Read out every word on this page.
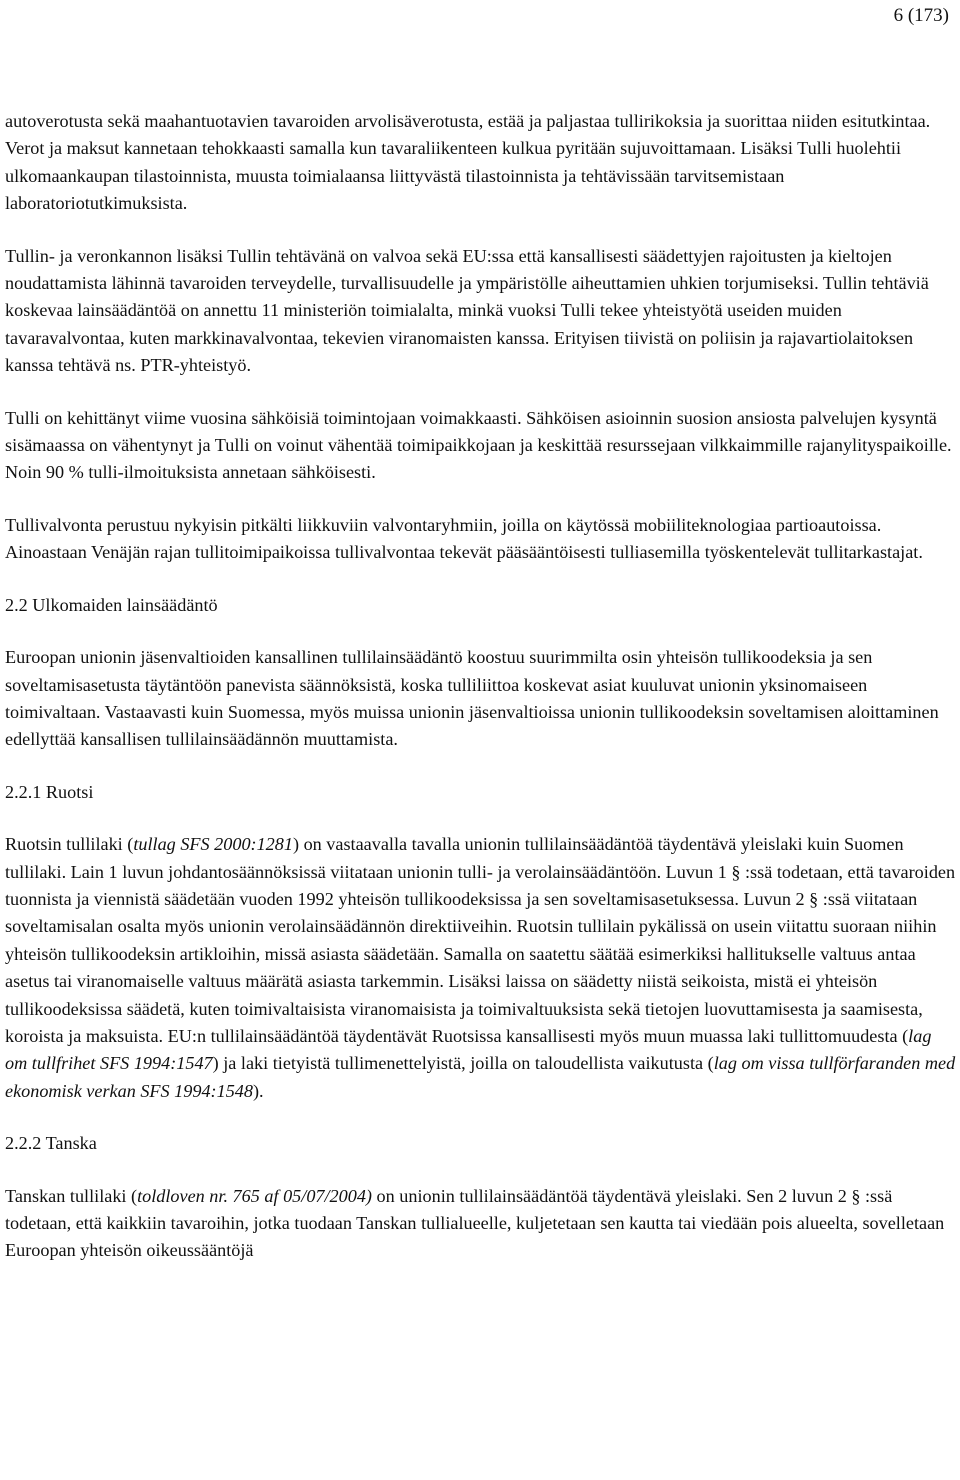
6 (173)

autoverotusta sekä maahantuotavien tavaroiden arvolisäverotusta, estää ja paljastaa tullirikoksia ja suorittaa niiden esitutkintaa. Verot ja maksut kannetaan tehokkaasti samalla kun tavaraliikenteen kulkua pyritään sujuvoittamaan. Lisäksi Tulli huolehtii ulkomaankaupan tilastoinnista, muusta toimialaansa liittyvästä tilastoinnista ja tehtävissään tarvitsemistaan laboratoriotutkimuksista.

Tullin- ja veronkannon lisäksi Tullin tehtävänä on valvoa sekä EU:ssa että kansallisesti säädettyjen rajoitusten ja kieltojen noudattamista lähinnä tavaroiden terveydelle, turvallisuudelle ja ympäristölle aiheuttamien uhkien torjumiseksi. Tullin tehtäviä koskevaa lainsäädäntöä on annettu 11 ministeriön toimialalta, minkä vuoksi Tulli tekee yhteistyötä useiden muiden tavaravalvontaa, kuten markkinavalvontaa, tekevien viranomaisten kanssa. Erityisen tiivistä on poliisin ja rajavartiolaitoksen kanssa tehtävä ns. PTR-yhteistyö.

Tulli on kehittänyt viime vuosina sähköisiä toimintojaan voimakkaasti. Sähköisen asioinnin suosion ansiosta palvelujen kysyntä sisämaassa on vähentynyt ja Tulli on voinut vähentää toimipaikkojaan ja keskittää resurssejaan vilkkaimmille rajanylityspaikoille. Noin 90 % tulli-ilmoituksista annetaan sähköisesti.

Tullivalvonta perustuu nykyisin pitkälti liikkuviin valvontaryhmiin, joilla on käytössä mobiiliteknologiaa partioautoissa. Ainoastaan Venäjän rajan tullitoimipaikoissa tullivalvontaa tekevät pääsääntöisesti tulliasemilla työskentelevät tullitarkastajat.

2.2 Ulkomaiden lainsäädäntö

Euroopan unionin jäsenvaltioiden kansallinen tullilainsäädäntö koostuu suurimmilta osin yhteisön tullikoodeksia ja sen soveltamisasetusta täytäntöön panevista säännöksistä, koska tulliliittoa koskevat asiat kuuluvat unionin yksinomaiseen toimivaltaan. Vastaavasti kuin Suomessa, myös muissa unionin jäsenvaltioissa unionin tullikoodeksin soveltamisen aloittaminen edellyttää kansallisen tullilainsäädännön muuttamista.

2.2.1 Ruotsi

Ruotsin tullilaki (tullag SFS 2000:1281) on vastaavalla tavalla unionin tullilainsäädäntöä täydentävä yleislaki kuin Suomen tullilaki. Lain 1 luvun johdantosäännöksissä viitataan unionin tulli- ja verolainsäädäntöön. Luvun 1 § :ssä todetaan, että tavaroiden tuonnista ja viennistä säädetään vuoden 1992 yhteisön tullikoodeksissa ja sen soveltamisasetuksessa. Luvun 2 § :ssä viitataan soveltamisalan osalta myös unionin verolainsäädännön direktiiveihin. Ruotsin tullilain pykälissä on usein viitattu suoraan niihin yhteisön tullikoodeksin artikloihin, missä asiasta säädetään. Samalla on saatettu säätää esimerkiksi hallitukselle valtuus antaa asetus tai viranomaiselle valtuus määrätä asiasta tarkemmin. Lisäksi laissa on säädetty niistä seikoista, mistä ei yhteisön tullikoodeksissa säädetä, kuten toimivaltaisista viranomaisista ja toimivaltuuksista sekä tietojen luovuttamisesta ja saamisesta, koroista ja maksuista. EU:n tullilainsäädäntöä täydentävät Ruotsissa kansallisesti myös muun muassa laki tullittomuudesta (lag om tullfrihet SFS 1994:1547) ja laki tietyistä tullimenettelyistä, joilla on taloudellista vaikutusta (lag om vissa tullförfaranden med ekonomisk verkan SFS 1994:1548).

2.2.2 Tanska

Tanskan tullilaki (toldloven nr. 765 af 05/07/2004) on unionin tullilainsäädäntöä täydentävä yleislaki. Sen 2 luvun 2 § :ssä todetaan, että kaikkiin tavaroihin, jotka tuodaan Tanskan tullialueelle, kuljetetaan sen kautta tai viedään pois alueelta, sovelletaan Euroopan yhteisön oikeussääntöjä
